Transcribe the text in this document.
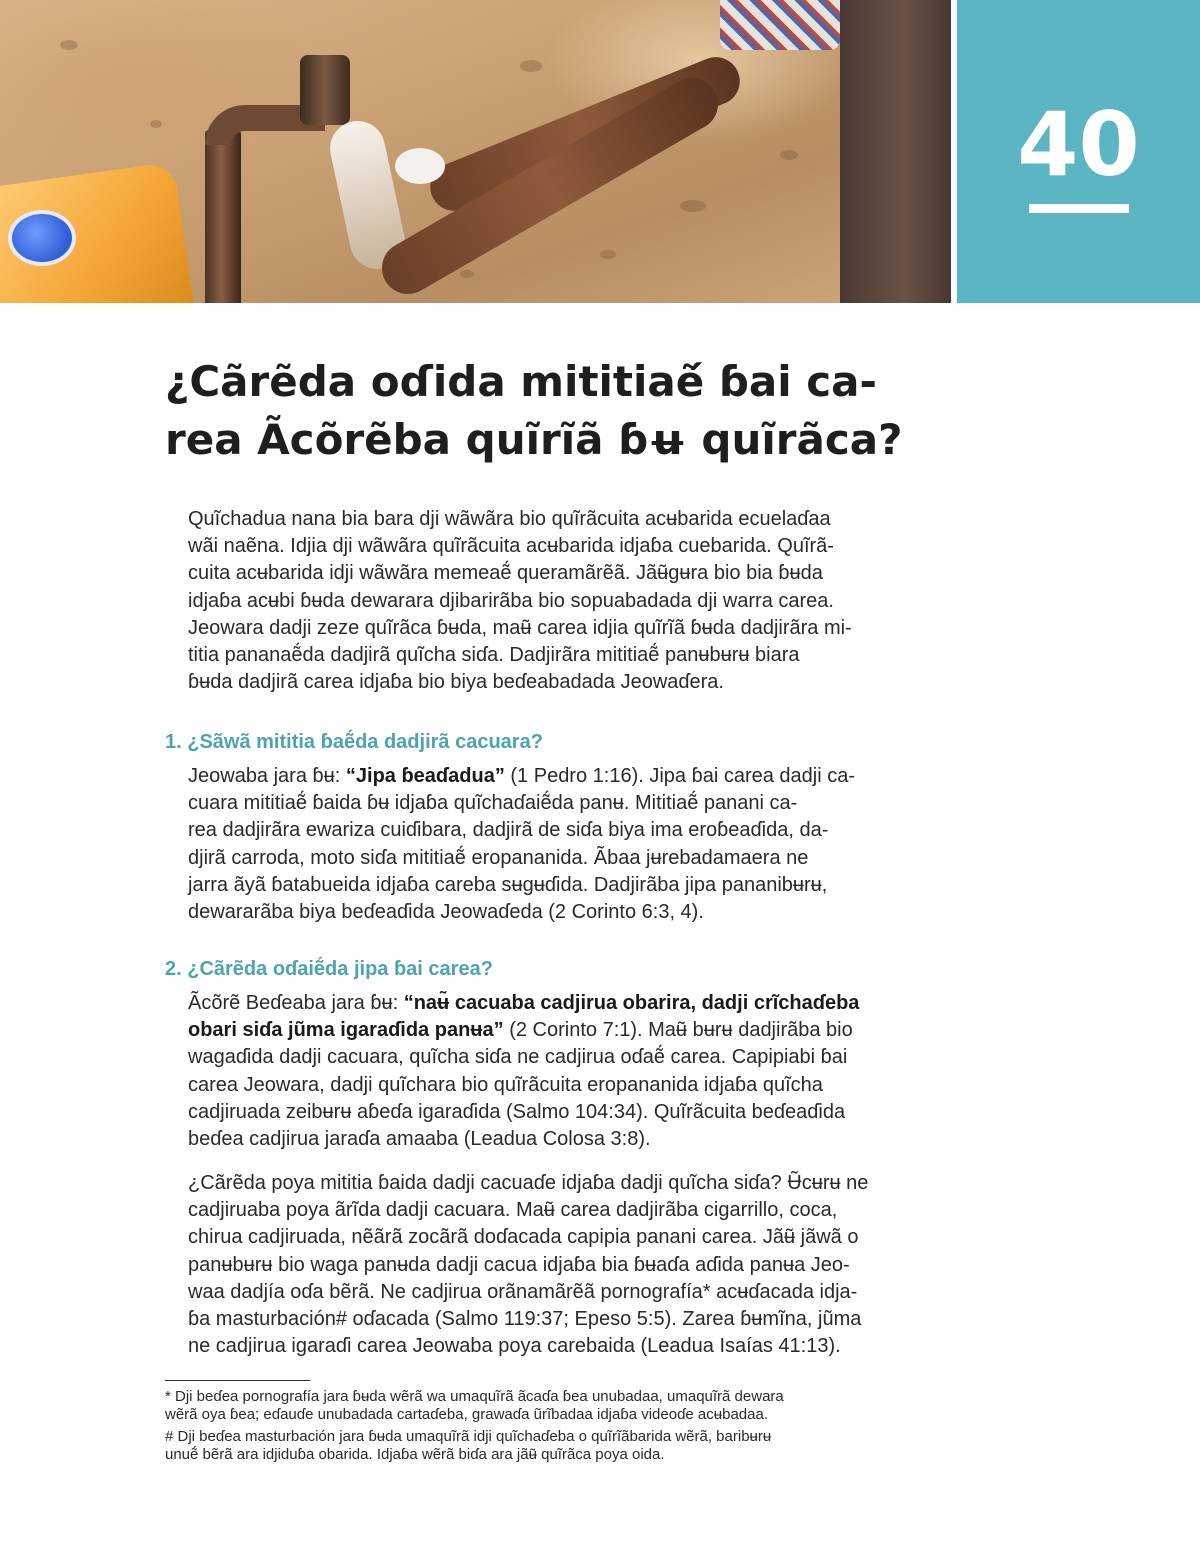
40
¿Cãrẽda oɗida mititiaẽ́ ɓai ca-
rea Ãcõrẽba quĩrĩã ɓʉ quĩrãca?

Quĩchadua nana bia bara dji wãwãra bio quĩrãcuita acʉbarida ecuelaɗaa
wãi naẽna. Idjia dji wãwãra quĩrãcuita acʉbarida idjaɓa cuebarida. Quĩrã-
cuita acʉbarida idji wãwãra memeaẽ́ queramãrẽã. Jãʉ̃gʉra bio bia ɓʉda
idjaɓa acʉbi ɓʉda dewarara djibarirãba bio sopuabadada dji warra carea.
Jeowara dadji zeze quĩrãca ɓʉda, maʉ̃ carea idjia quĩrĩã ɓʉda dadjirãra mi-
titia pananaẽ́da dadjirã quĩcha siɗa. Dadjirãra mititiaẽ́ panʉbʉrʉ biara
ɓʉda dadjirã carea idjaɓa bio biya beɗeabadada Jeowaɗera.

1. ¿Sãwã mititia ɓaẽ́da dadjirã cacuara?

Jeowaba jara ɓʉ: “Jipa ɓeaɗadua” (1 Pedro 1:16). Jipa ɓai carea dadji ca-
cuara mititiaẽ́ ɓaida ɓʉ idjaɓa quĩchaɗaiẽ́da panʉ. Mititiaẽ́ panani ca-
rea dadjirãra ewariza cuiɗibara, dadjirã de siɗa biya ima eroɓeaɗida, da-
djirã carroda, moto siɗa mititiaẽ́ eropananida. Ãbaa jʉrebadamaera ne
jarra ãyã ɓatabueida idjaɓa careba sʉgʉɗida. Dadjirãba jipa pananibʉrʉ,
dewararãba biya beɗeaɗida Jeowaɗeda (2 Corinto 6:3, 4).

2. ¿Cãrẽda oɗaiẽ́da jipa ɓai carea?

Ãcõrẽ Beɗeaba jara ɓʉ: “naʉ̃ cacuaba cadjirua obarira, dadji crĩchaɗeba
obari siɗa jũma igaraɗida panʉa” (2 Corinto 7:1). Maʉ̃ bʉrʉ dadjirãba bio
wagaɗida dadji cacuara, quĩcha siɗa ne cadjirua oɗaẽ́ carea. Capipiabi ɓai
carea Jeowara, dadji quĩchara bio quĩrãcuita eropananida idjaɓa quĩcha
cadjiruada zeibʉrʉ aɓeɗa igaraɗida (Salmo 104:34). Quĩrãcuita beɗeaɗida
beɗea cadjirua jaraɗa amaaba (Leadua Colosa 3:8).

¿Cãrẽda poya mititia ɓaida dadji cacuaɗe idjaɓa dadji quĩcha siɗa? Ʉ̃cʉrʉ ne
cadjiruaba poya ãrĩda dadji cacuara. Maʉ̃ carea dadjirãba cigarrillo, coca,
chirua cadjiruada, nẽãrã zocãrã doɗacada capipia panani carea. Jãʉ̃ jãwã o
panʉbʉrʉ bio waga panʉda dadji cacua idjaɓa bia ɓʉaɗa aɗida panʉa Jeo-
waa dadjía oɗa bẽrã. Ne cadjirua orãnamãrẽã pornografía* acʉɗacada idja-
ɓa masturbación# oɗacada (Salmo 119:37; Epeso 5:5). Zarea ɓʉmĩna, jũma
ne cadjirua igaraɗi carea Jeowaba poya carebaida (Leadua Isaías 41:13).

* Dji beɗea pornografía jara ɓʉda wẽrã wa umaquĩrã ãcaɗa ɓea unubadaa, umaquĩrã dewara
wẽrã oya ɓea; eɗauɗe unubadada cartaɗeba, grawaɗa ũrĩbadaa idjaɓa videoɗe acʉbadaa.

# Dji beɗea masturbación jara ɓʉda umaquĩrã idji quĩchaɗeba o quĩrĩãbarida wẽrã, baribʉrʉ
unuẽ́ bẽrã ara idjiduɓa obarida. Idjaɓa wẽrã biɗa ara jãʉ̃ quĩrãca poya oida.
